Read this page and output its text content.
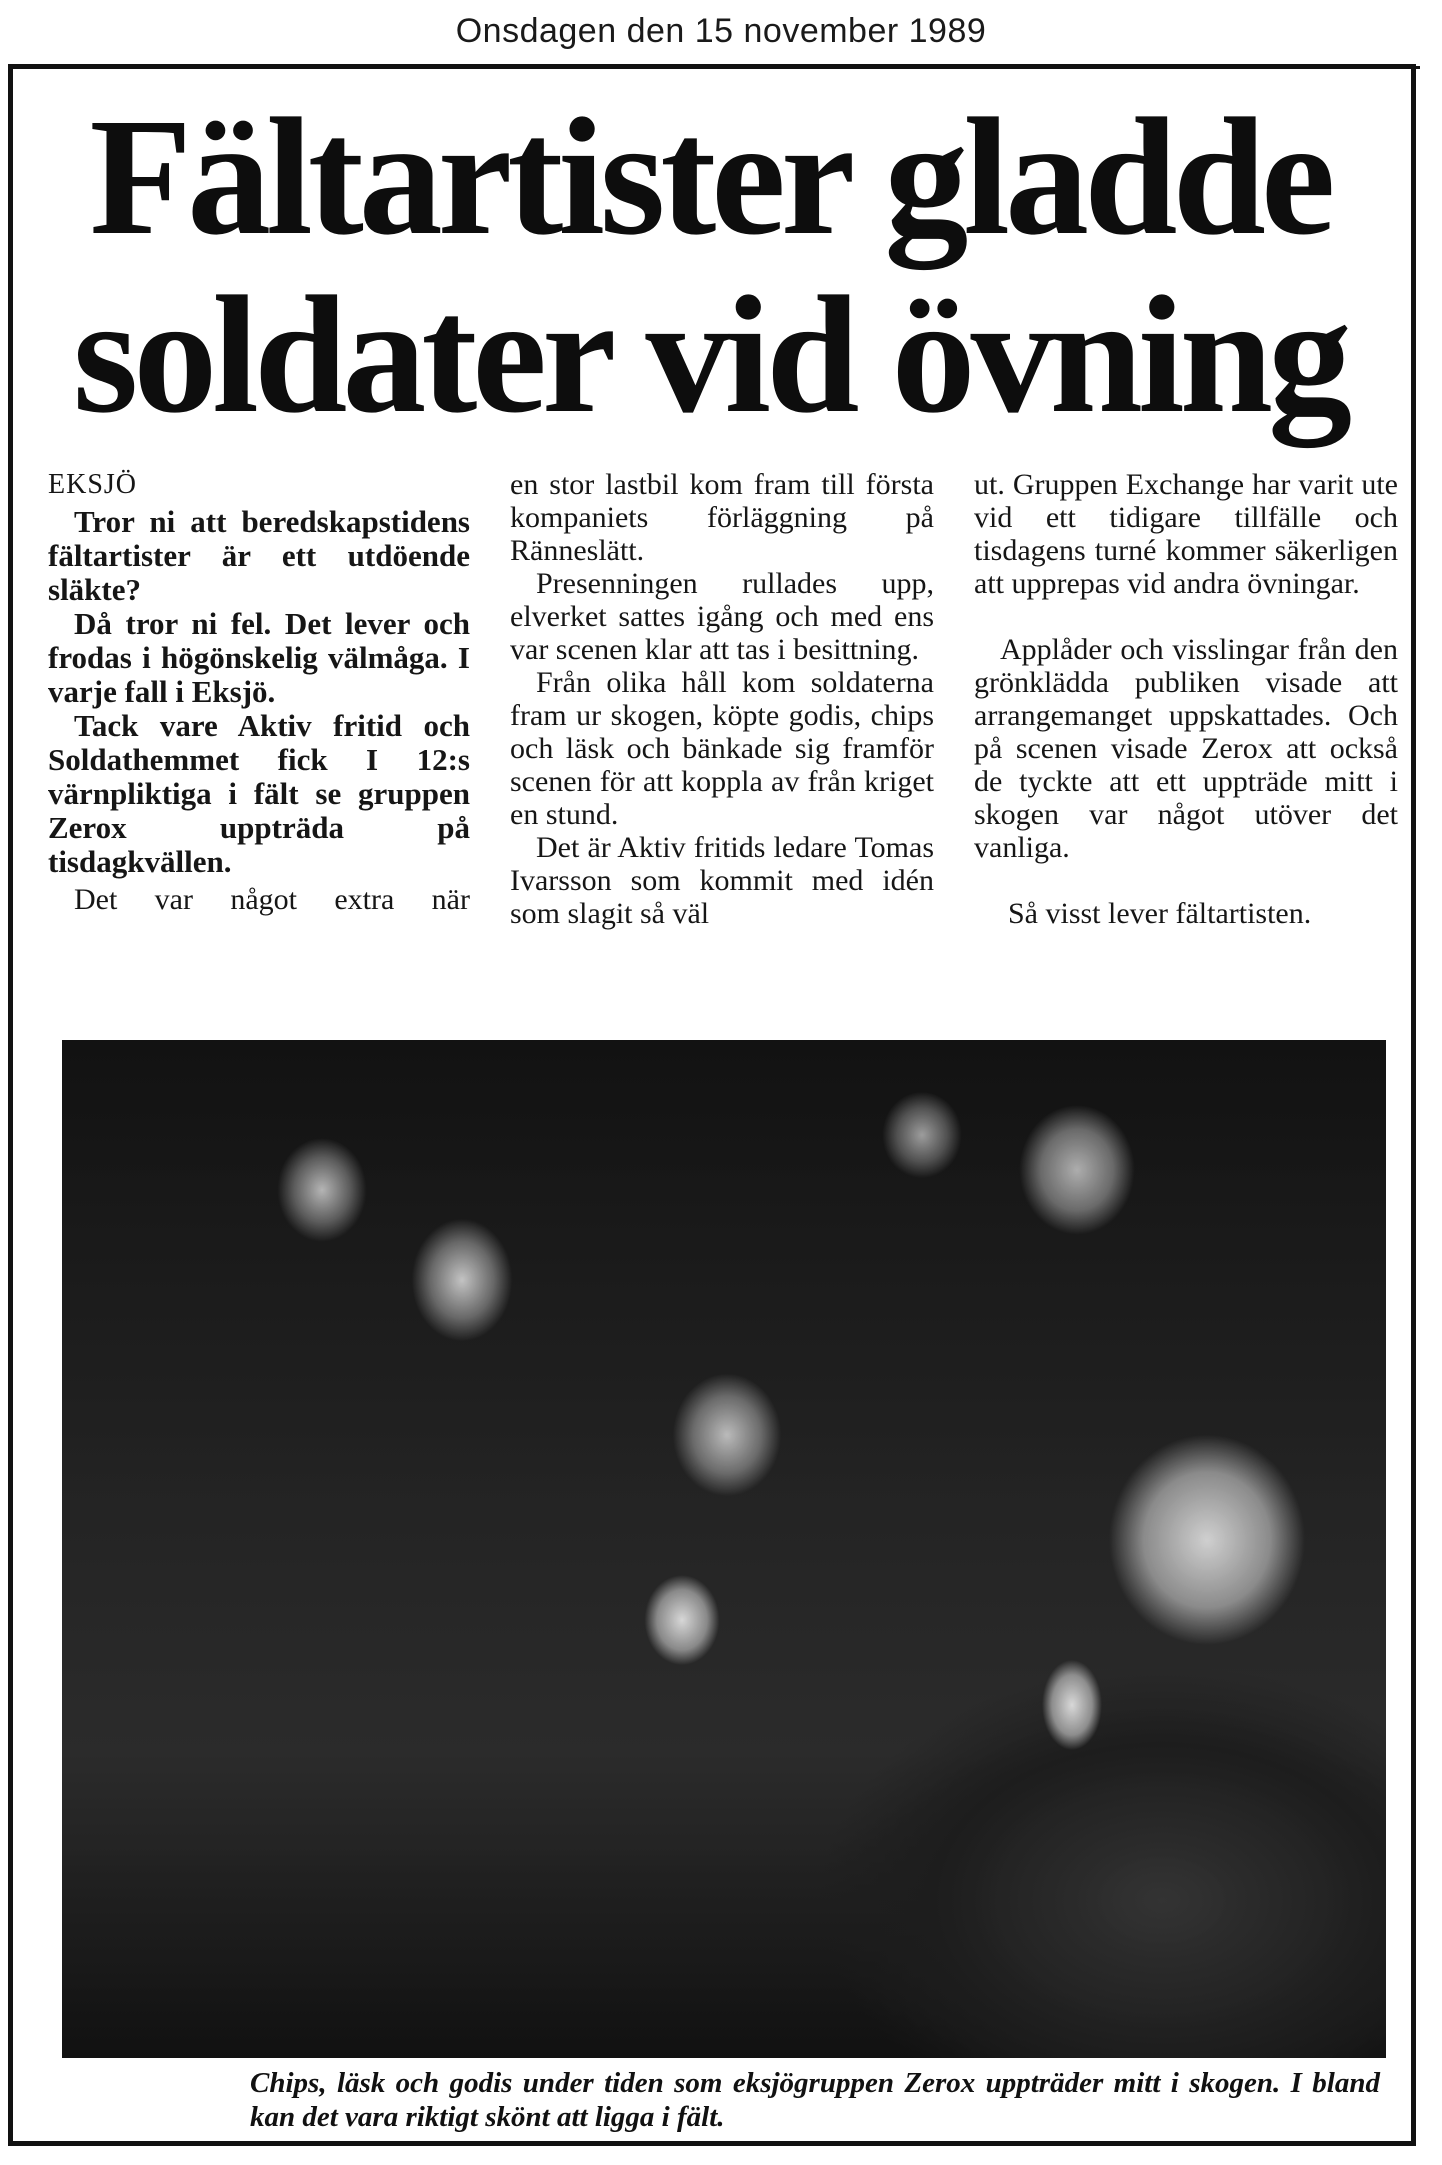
Onsdagen den 15 november 1989
Fältartister gladde
soldater vid övning

EKSJÖ

Tror ni att beredskapstidens fältartister är ett utdöende släkte?

Då tror ni fel. Det lever och frodas i högönskelig välmåga. I varje fall i Eksjö.

Tack vare Aktiv fritid och Soldathemmet fick I 12:s värnpliktiga i fält se gruppen Zerox uppträda på tisdagkvällen.

Det var något extra när

en stor lastbil kom fram till första kompaniets förläggning på Ränneslätt.

Presenningen rullades upp, elverket sattes igång och med ens var scenen klar att tas i besittning.

Från olika håll kom soldaterna fram ur skogen, köpte godis, chips och läsk och bänkade sig framför scenen för att koppla av från kriget en stund.

Det är Aktiv fritids ledare Tomas Ivarsson som kommit med idén som slagit så väl

ut. Gruppen Exchange har varit ute vid ett tidigare tillfälle och tisdagens turné kommer säkerligen att upprepas vid andra övningar.

Applåder och visslingar från den grönklädda publiken visade att arrangemanget uppskattades. Och på scenen visade Zerox att också de tyckte att ett uppträde mitt i skogen var något utöver det vanliga.

Så visst lever fältartisten.

Chips, läsk och godis under tiden som eksjögruppen Zerox uppträder mitt i skogen. I bland kan det vara riktigt skönt att ligga i fält.
